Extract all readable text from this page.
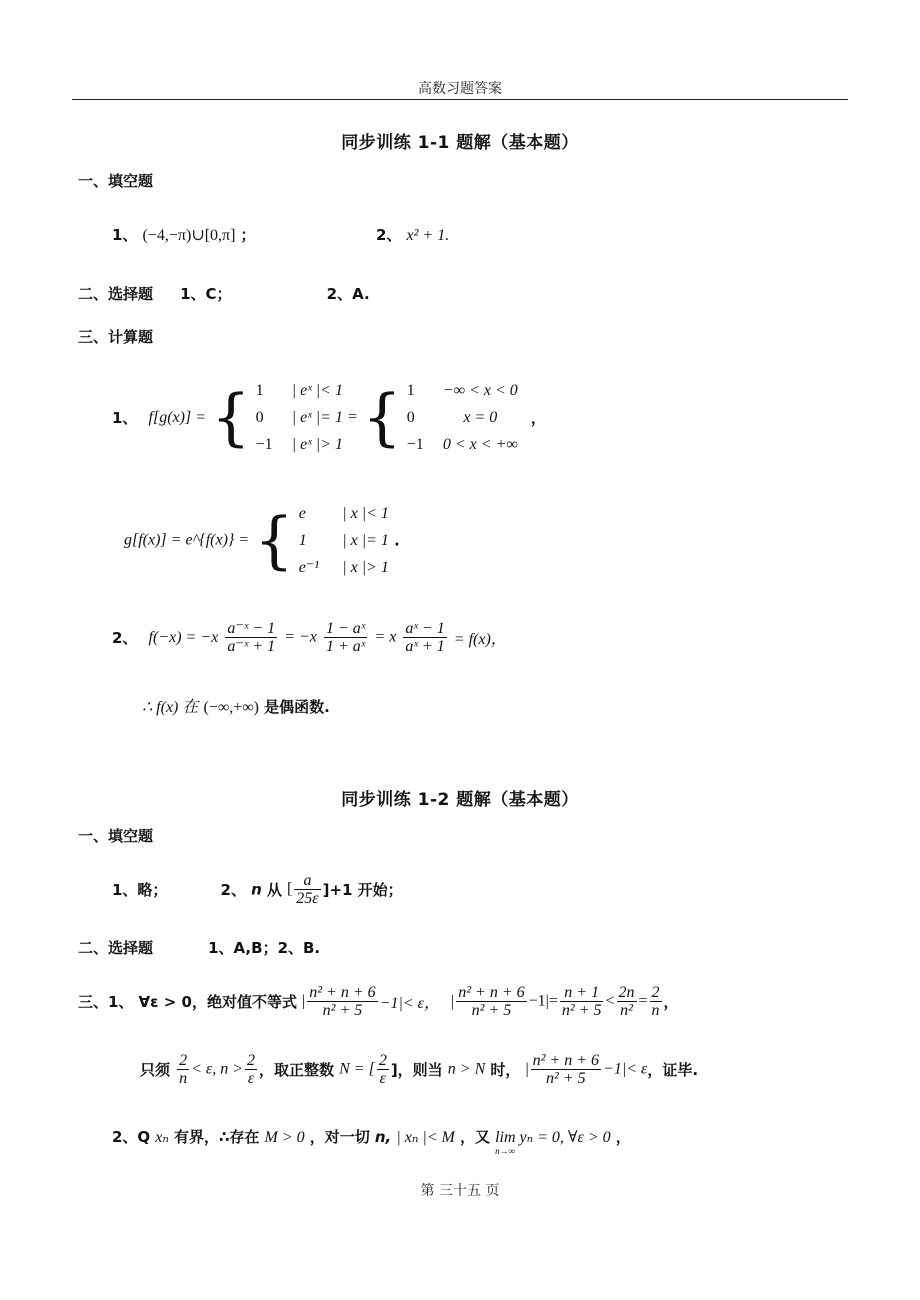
高数习题答案
同步训练 1-1 题解（基本题）
一、填空题
1、 (−4,−π)∪[0,π] ；	2、 x² + 1.
二、选择题 1、C；	2、A.
三、计算题
1、 f[g(x)] = { 1
0
−1

| eˣ |< 1
| eˣ |= 1
| eˣ |> 1
= { 1
0
−1

−∞ < x < 0
x = 0
0 < x < +∞
，
g[f(x)] = e^{f(x)} = { e
1
e⁻¹

| x |< 1
| x |= 1
| x |> 1
.
2、 $f(-x) = -x \frac{\text{a⁻ˣ − 1}}{\text{a⁻ˣ + 1}} = -x \frac{\text{1 − aˣ}}{\text{1 + aˣ}} = x \frac{\text{aˣ − 1}}{\text{aˣ + 1}} = f(x)$，
∴ f(x) 在 (−∞,+∞) 是偶函数.
同步训练 1-2 题解（基本题）
一、填空题
1、略；	2、 n 从 [ $\frac{a}{25\varepsilon} ]+1$ 开始；
二、选择题	1、A,B；2、B.
三、1、 ∀ε > 0，绝对值不等式 | $\frac{\text{n² + n + 6}}{\text{n² + 5}} -1|< \varepsilon$， | $\frac{\text{n² + n + 6}}{\text{n² + 5}} -1|= \frac{n + 1}{\text{n² + 5}} < \frac{2n}{\text{n²}} = \frac{2}{n}$ ，
只须 $\frac{2}{n} < \varepsilon$, $n > \frac{2}{\varepsilon}$ ，取正整数 N = [ $\frac{2}{\varepsilon}$ ]，则当 n > N 时， | $\frac{\text{n² + n + 6}}{\text{n² + 5}} -1|< \varepsilon$，证毕.
2、Q xₙ 有界，∴存在 M > 0 ，对一切 n, | xₙ |< M ，又 lim yₙ = 0, ∀ε > 0
n→∞
，
第 三十五 页
